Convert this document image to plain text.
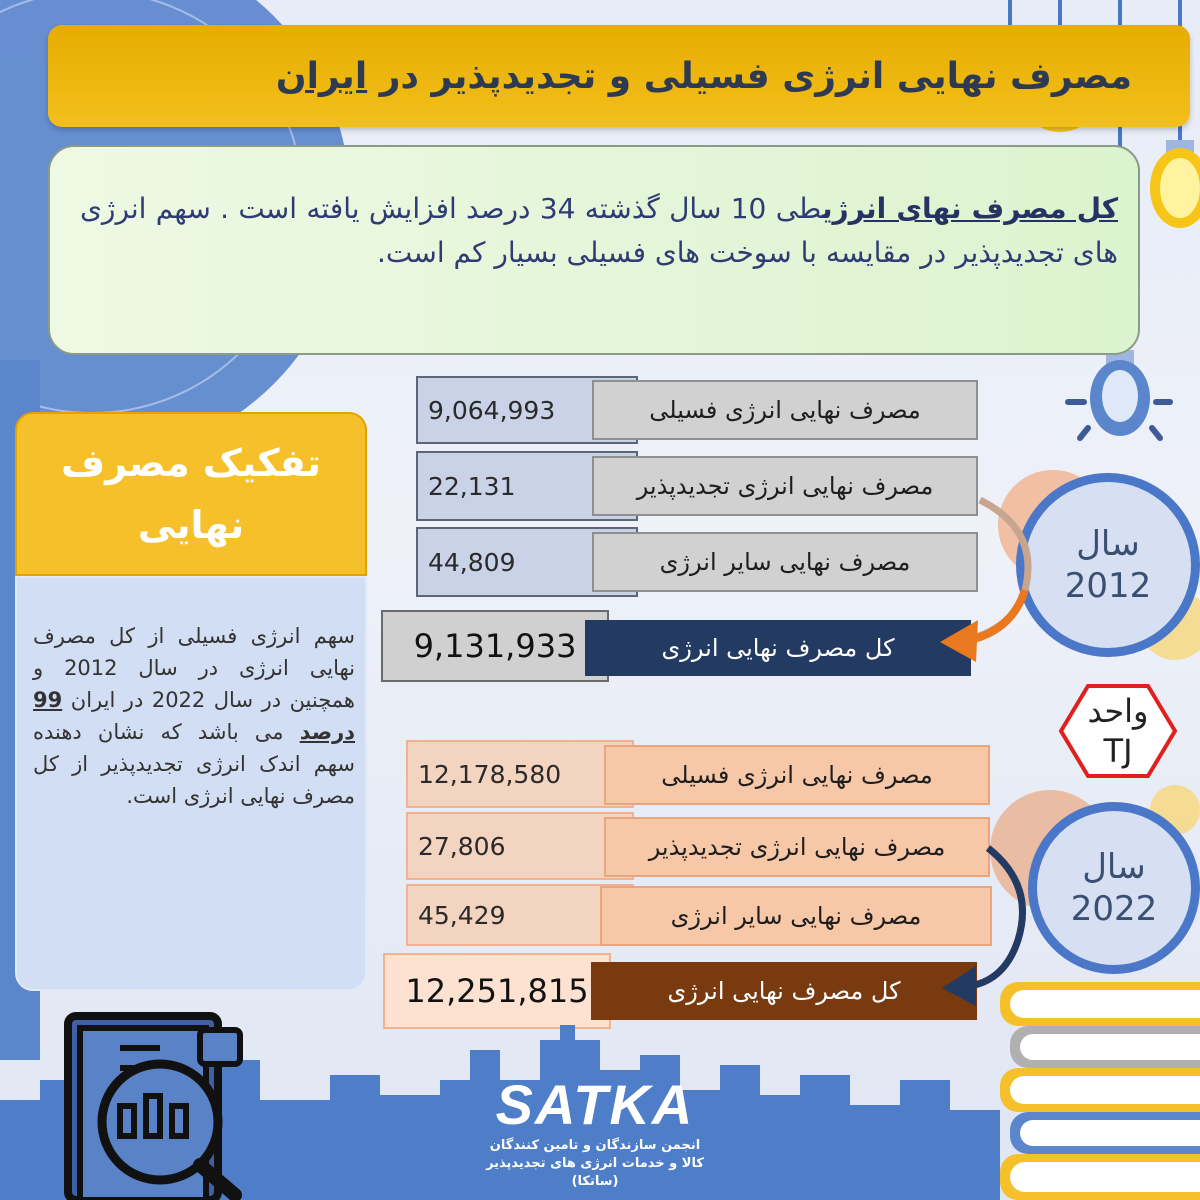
مصرف نهایی انرژی فسیلی و تجدیدپذیر در ایران

کل مصرف نهای انرژیطی 10 سال گذشته 34 درصد افزایش یافته است . سهم انرژی های تجدیدپذیر در مقایسه با سوخت های فسیلی بسیار کم است.

تفکیک مصرف نهایی

سهم انرژی فسیلی از کل مصرف نهایی انرژی در سال 2012 و همچنین در سال 2022 در ایران 99 درصد می باشد که نشان دهنده سهم اندک انرژی تجدیدپذیر از کل مصرف نهایی انرژی است.

9,064,993	مصرف نهایی انرژی فسیلی
22,131	مصرف نهایی انرژی تجدیدپذیر
44,809	مصرف نهایی سایر انرژی
9,131,933	کل مصرف نهایی انرژی
سال
2012
واحد
TJ
12,178,580	مصرف نهایی انرژی فسیلی
27,806	مصرف نهایی انرژی تجدیدپذیر
45,429	مصرف نهایی سایر انرژی
12,251,815	کل مصرف نهایی انرژی
سال
2022
SATKA
انجمن سازندگان و تامین کنندگان
کالا و خدمات انرژی های تجدیدپذیر (ساتکا)
